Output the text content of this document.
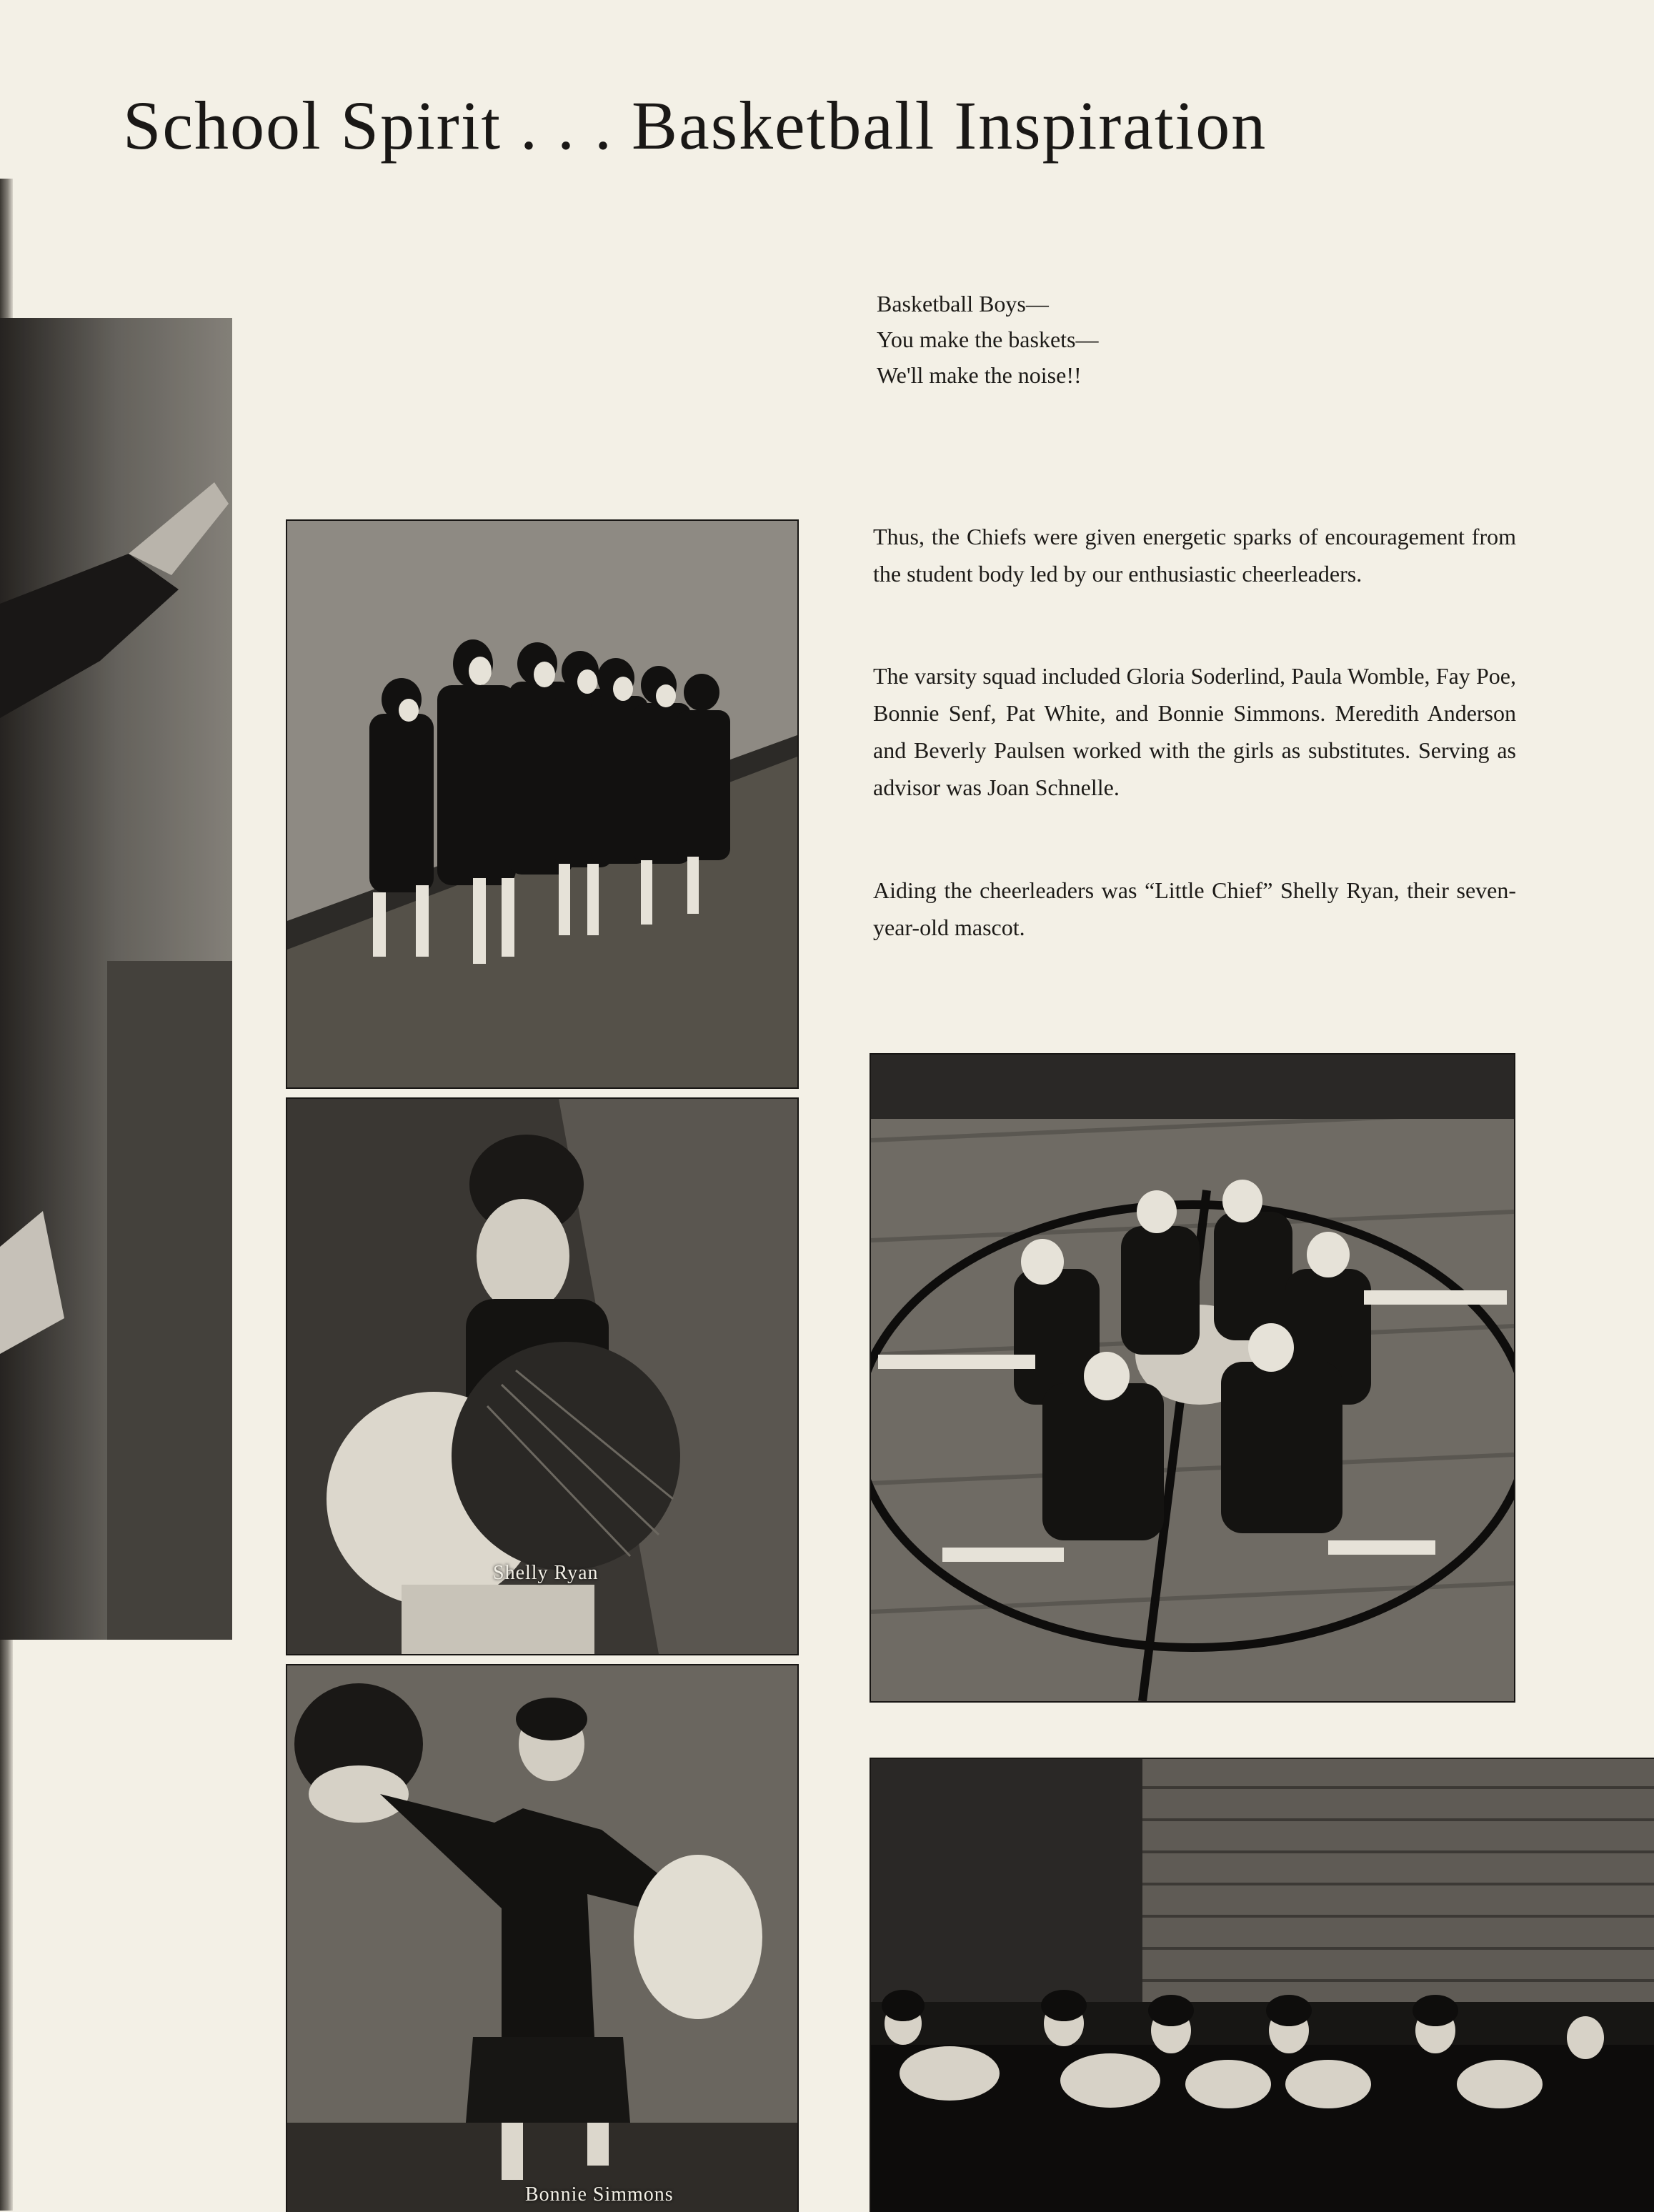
School Spirit . . . Basketball Inspiration
Shelly Ryan
Bonnie Simmons
Basketball Boys—
You make the baskets—
We'll make the noise!!

Thus, the Chiefs were given energetic sparks of encouragement from the student body led by our enthusiastic cheerleaders.

The varsity squad included Gloria Soderlind, Paula Womble, Fay Poe, Bonnie Senf, Pat White, and Bonnie Simmons. Meredith Anderson and Beverly Paulsen worked with the girls as substitutes. Serving as advisor was Joan Schnelle.

Aiding the cheerleaders was “Little Chief” Shelly Ryan, their seven-year-old mascot.
